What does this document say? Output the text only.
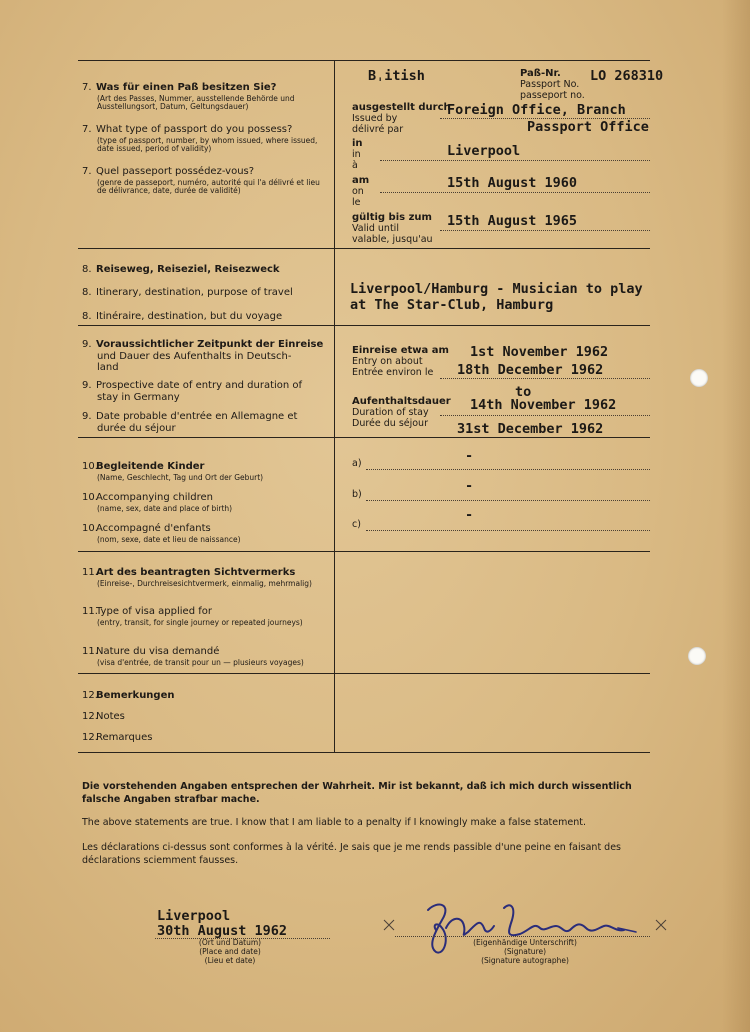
7. Was für einen Paß besitzen Sie?
(Art des Passes, Nummer, ausstellende Behörde und Ausstellungsort, Datum, Geltungsdauer)
7. What type of passport do you possess?
(type of passport, number, by whom issued, where issued, date issued, period of validity)
7. Quel passeport possédez-vous?
(genre de passeport, numéro, autorité qui l'a délivré et lieu de délivrance, date, durée de validité)
Bˌitish	Paß-Nr.
Passport No.
passeport no.
LO 268310
ausgestellt durch
Issued by
délivré par
Foreign Office, Branch
Passport Office
in
in
à
Liverpool
am
on
le
15th August 1960
gültig bis zum
Valid until
valable, jusqu'au
15th August 1965
8. Reiseweg, Reiseziel, Reisezweck
8. Itinerary, destination, purpose of travel
8. Itinéraire, destination, but du voyage
Liverpool/Hamburg - Musician to play
at The Star-Club, Hamburg
9. Voraussichtlicher Zeitpunkt der Einreise
und Dauer des Aufenthalts in Deutsch-
land
9. Prospective date of entry and duration of
stay in Germany
9. Date probable d'entrée en Allemagne et
durée du séjour
Einreise etwa am
Entry on about
Entrée environ le
1st November 1962
18th December 1962
to
Aufenthaltsdauer
Duration of stay
Durée du séjour
14th November 1962
31st December 1962
10.Begleitende Kinder
(Name, Geschlecht, Tag und Ort der Geburt)
10.Accompanying children
(name, sex, date and place of birth)
10.Accompagné d'enfants
(nom, sexe, date et lieu de naissance)
a)	-
b)
-
c)
-
11.Art des beantragten Sichtvermerks
(Einreise-, Durchreisesichtvermerk, einmalig, mehrmalig)
11.Type of visa applied for
(entry, transit, for single journey or repeated journeys)
11.Nature du visa demandé
(visa d'entrée, de transit pour un — plusieurs voyages)
12.Bemerkungen
12.Notes
12.Remarques
Die vorstehenden Angaben entsprechen der Wahrheit. Mir ist bekannt, daß ich mich durch wissentlich falsche Angaben strafbar mache.
The above statements are true. I know that I am liable to a penalty if I knowingly make a false statement.
Les déclarations ci-dessus sont conformes à la vérité. Je sais que je me rends passible d'une peine en faisant des déclarations sciemment fausses.
Liverpool
30th August 1962
(Ort und Datum)
(Place and date)
(Lieu et date)
(Eigenhändige Unterschrift)
(Signature)
(Signature autographe)
